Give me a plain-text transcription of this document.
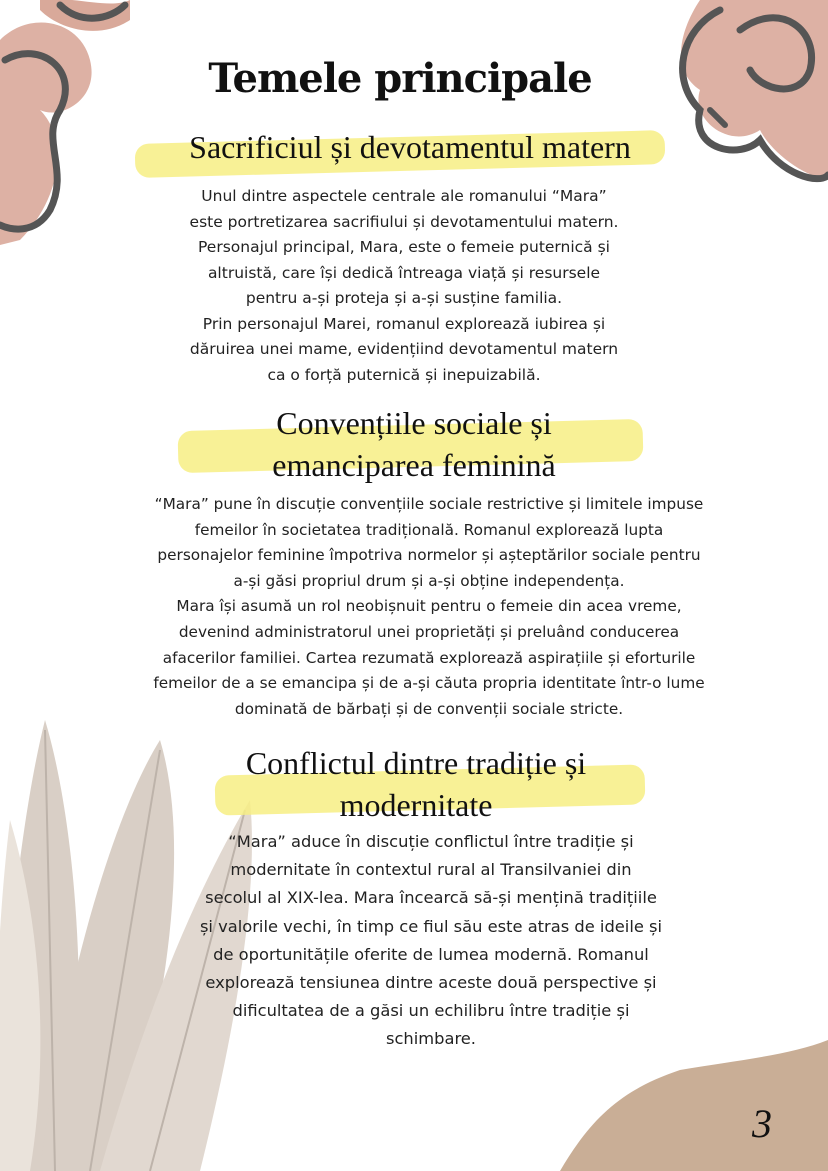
Temele principale
Sacrificiul și devotamentul matern
Unul dintre aspectele centrale ale romanului “Mara”
este portretizarea sacrifiului și devotamentului matern.
Personajul principal, Mara, este o femeie puternică și
altruistă, care își dedică întreaga viață și resursele
pentru a-și proteja și a-și susține familia.
Prin personajul Marei, romanul explorează iubirea și
dăruirea unei mame, evidențiind devotamentul matern
ca o forță puternică și inepuizabilă.
Convențiile sociale și
emanciparea feminină
“Mara” pune în discuție convențiile sociale restrictive și limitele impuse
femeilor în societatea tradițională. Romanul explorează lupta
personajelor feminine împotriva normelor și așteptărilor sociale pentru
a-și găsi propriul drum și a-și obține independența.
Mara își asumă un rol neobișnuit pentru o femeie din acea vreme,
devenind administratorul unei proprietăți și preluând conducerea
afacerilor familiei. Cartea rezumată explorează aspirațiile și eforturile
femeilor de a se emancipa și de a-și căuta propria identitate într-o lume
dominată de bărbați și de convenții sociale stricte.
Conflictul dintre tradiție și
modernitate
“Mara” aduce în discuție conflictul între tradiție și
modernitate în contextul rural al Transilvaniei din
secolul al XIX-lea. Mara încearcă să-și mențină tradițiile
și valorile vechi, în timp ce fiul său este atras de ideile și
de oportunitățile oferite de lumea modernă. Romanul
explorează tensiunea dintre aceste două perspective și
dificultatea de a găsi un echilibru între tradiție și
schimbare.
3
